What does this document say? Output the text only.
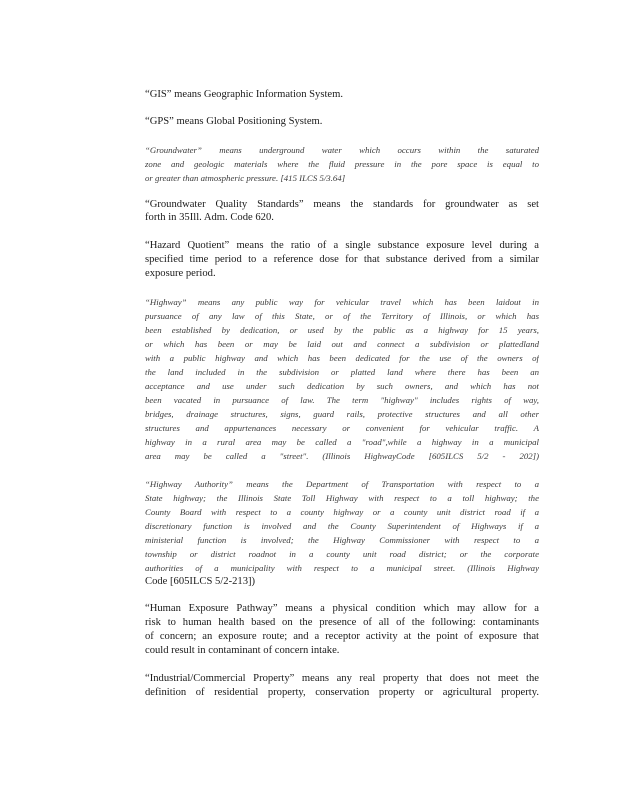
“GIS” means Geographic Information System.
“GPS” means Global Positioning System.
“Groundwater” means underground water which occurs within the saturated
zone and geologic materials where the fluid pressure in the pore space is equal to
or greater than atmospheric pressure. [415 ILCS 5/3.64]
“Groundwater Quality Standards” means the standards for groundwater as set
forth in 35Ill. Adm. Code 620.
“Hazard Quotient” means the ratio of a single substance exposure level during a
specified time period to a reference dose for that substance derived from a similar
exposure period.
“Highway” means any public way for vehicular travel which has been laidout in
pursuance of any law of this State, or of the Territory of Illinois, or which has
been established by dedication, or used by the public as a highway for 15 years,
or which has been or may be laid out and connect a subdivision or plattedland
with a public highway and which has been dedicated for the use of the owners of
the land included in the subdivision or platted land where there has been an
acceptance and use under such dedication by such owners, and which has not
been vacated in pursuance of law. The term "highway" includes rights of way,
bridges, drainage structures, signs, guard rails, protective structures and all other
structures and appurtenances necessary or convenient for vehicular traffic. A
highway in a rural area may be called a "road",while a highway in a municipal
area may be called a "street". (Illinois HighwayCode [605ILCS 5/2 - 202])
“Highway Authority” means the Department of Transportation with respect to a
State highway; the Illinois State Toll Highway with respect to a toll highway; the
County Board with respect to a county highway or a county unit district road if a
discretionary function is involved and the County Superintendent of Highways if a
ministerial function is involved; the Highway Commissioner with respect to a
township or district roadnot in a county unit road district; or the corporate
authorities of a municipality with respect to a municipal street. (Illinois Highway
Code [605ILCS 5/2-213])
“Human Exposure Pathway” means a physical condition which may allow for a
risk to human health based on the presence of all of the following: contaminants
of concern; an exposure route; and a receptor activity at the point of exposure that
could result in contaminant of concern intake.
“Industrial/Commercial Property” means any real property that does not meet the
definition of residential property, conservation property or agricultural property.
